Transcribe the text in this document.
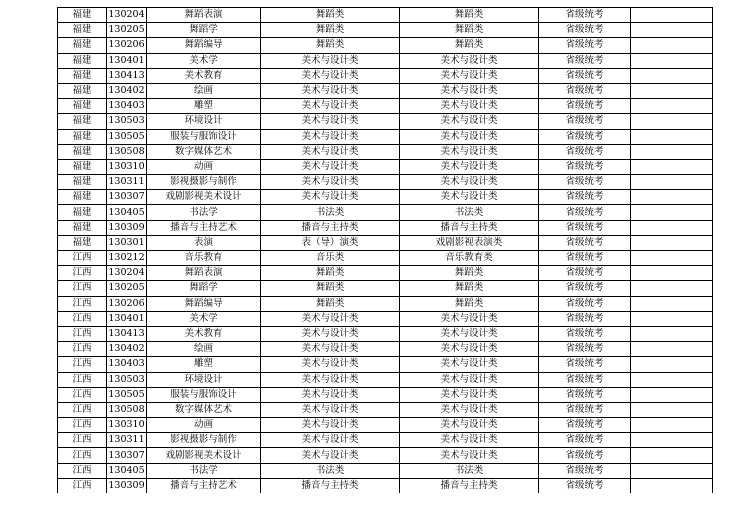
福建	130204	舞蹈表演	舞蹈类	舞蹈类	省级统考	
福建	130205	舞蹈学	舞蹈类	舞蹈类	省级统考	
福建	130206	舞蹈编导	舞蹈类	舞蹈类	省级统考	
福建	130401	美术学	美术与设计类	美术与设计类	省级统考	
福建	130413	美术教育	美术与设计类	美术与设计类	省级统考	
福建	130402	绘画	美术与设计类	美术与设计类	省级统考	
福建	130403	雕塑	美术与设计类	美术与设计类	省级统考	
福建	130503	环境设计	美术与设计类	美术与设计类	省级统考	
福建	130505	服装与服饰设计	美术与设计类	美术与设计类	省级统考	
福建	130508	数字媒体艺术	美术与设计类	美术与设计类	省级统考	
福建	130310	动画	美术与设计类	美术与设计类	省级统考	
福建	130311	影视摄影与制作	美术与设计类	美术与设计类	省级统考	
福建	130307	戏剧影视美术设计	美术与设计类	美术与设计类	省级统考	
福建	130405	书法学	书法类	书法类	省级统考	
福建	130309	播音与主持艺术	播音与主持类	播音与主持类	省级统考	
福建	130301	表演	表（导）演类	戏剧影视表演类	省级统考	
江西	130212	音乐教育	音乐类	音乐教育类	省级统考	
江西	130204	舞蹈表演	舞蹈类	舞蹈类	省级统考	
江西	130205	舞蹈学	舞蹈类	舞蹈类	省级统考	
江西	130206	舞蹈编导	舞蹈类	舞蹈类	省级统考	
江西	130401	美术学	美术与设计类	美术与设计类	省级统考	
江西	130413	美术教育	美术与设计类	美术与设计类	省级统考	
江西	130402	绘画	美术与设计类	美术与设计类	省级统考	
江西	130403	雕塑	美术与设计类	美术与设计类	省级统考	
江西	130503	环境设计	美术与设计类	美术与设计类	省级统考	
江西	130505	服装与服饰设计	美术与设计类	美术与设计类	省级统考	
江西	130508	数字媒体艺术	美术与设计类	美术与设计类	省级统考	
江西	130310	动画	美术与设计类	美术与设计类	省级统考	
江西	130311	影视摄影与制作	美术与设计类	美术与设计类	省级统考	
江西	130307	戏剧影视美术设计	美术与设计类	美术与设计类	省级统考	
江西	130405	书法学	书法类	书法类	省级统考	
江西	130309	播音与主持艺术	播音与主持类	播音与主持类	省级统考	
